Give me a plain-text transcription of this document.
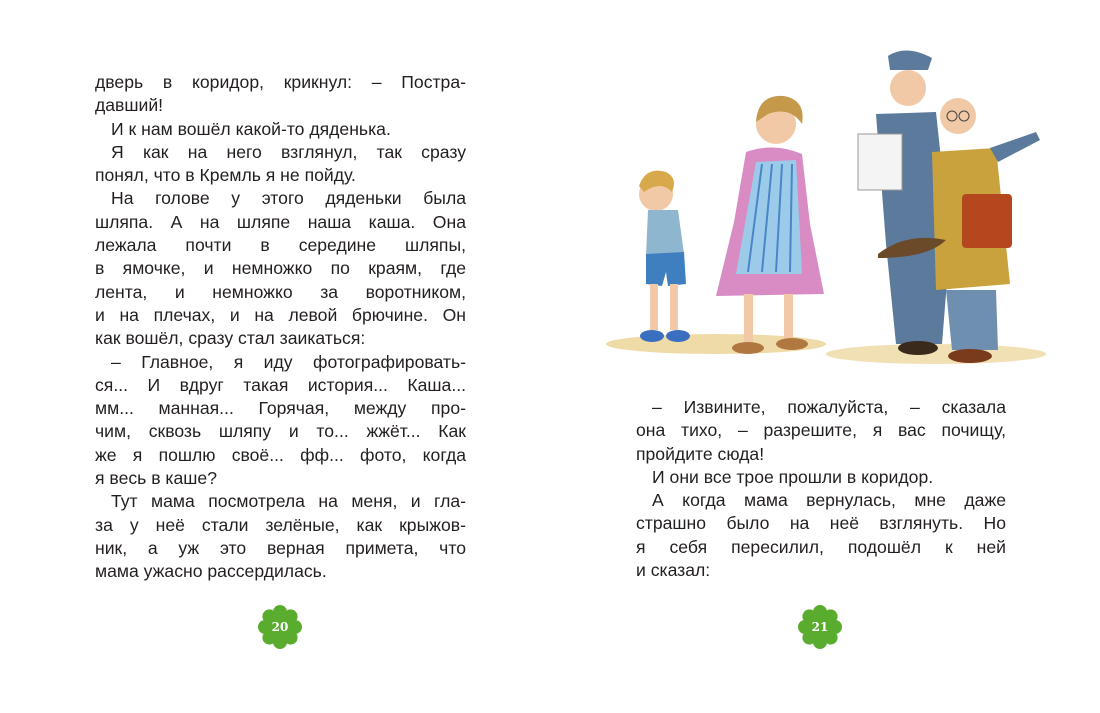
дверь в коридор, крикнул: – Постра-
давший!
И к нам вошёл какой-то дяденька.
Я как на него взглянул, так сразу
понял, что в Кремль я не пойду.
На голове у этого дяденьки была
шляпа. А на шляпе наша каша. Она
лежала почти в середине шляпы,
в ямочке, и немножко по краям, где
лента, и немножко за воротником,
и на плечах, и на левой брючине. Он
как вошёл, сразу стал заикаться:
– Главное, я иду фотографировать-
ся... И вдруг такая история... Каша...
мм... манная... Горячая, между про-
чим, сквозь шляпу и то... жжёт... Как
же я пошлю своё... фф... фото, когда
я весь в каше?
Тут мама посмотрела на меня, и гла-
за у неё стали зелёные, как крыжов-
ник, а уж это верная примета, что
мама ужасно рассердилась.
20
– Извините, пожалуйста, – сказала
она тихо, – разрешите, я вас почищу,
пройдите сюда!
И они все трое прошли в коридор.
А когда мама вернулась, мне даже
страшно было на неё взглянуть. Но
я себя пересилил, подошёл к ней
и сказал:
21
